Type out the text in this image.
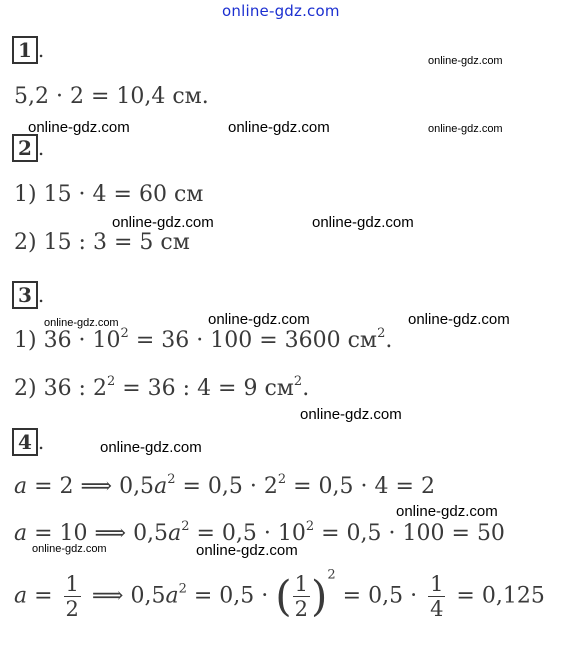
online-gdz.com
1 .	online-gdz.com
5,2 · 2 = 10,4 см.
online-gdz.com	online-gdz.com	online-gdz.com
2 .
1) 15 · 4 = 60 см
online-gdz.com	online-gdz.com
2) 15 : 3 = 5 см
3 .
online-gdz.com	online-gdz.com	online-gdz.com
1) $36 \cdot 10^2 = 36 \cdot 100 = 3600$ $см^2$.
2) 36 : $2^2 = 36$ : 4 = 9 $см^2$.
online-gdz.com
4 .	online-gdz.com
a = 2 ⟹ $0,5a^2 = 0,5 \cdot 2^2 = 0,5 \cdot 4 = 2$
online-gdz.com
a = 10 ⟹ $0,5a^2 = 0,5 \cdot 10^2 = 0,5 \cdot 100 = 50$
online-gdz.com	online-gdz.com
$a = \frac{1}{2}$ ⟹ $0,5a^2 = 0,5$ · ( $\frac{1}{2} )^2 = 0,5 \cdot \frac{1}{4} = 0,125$
